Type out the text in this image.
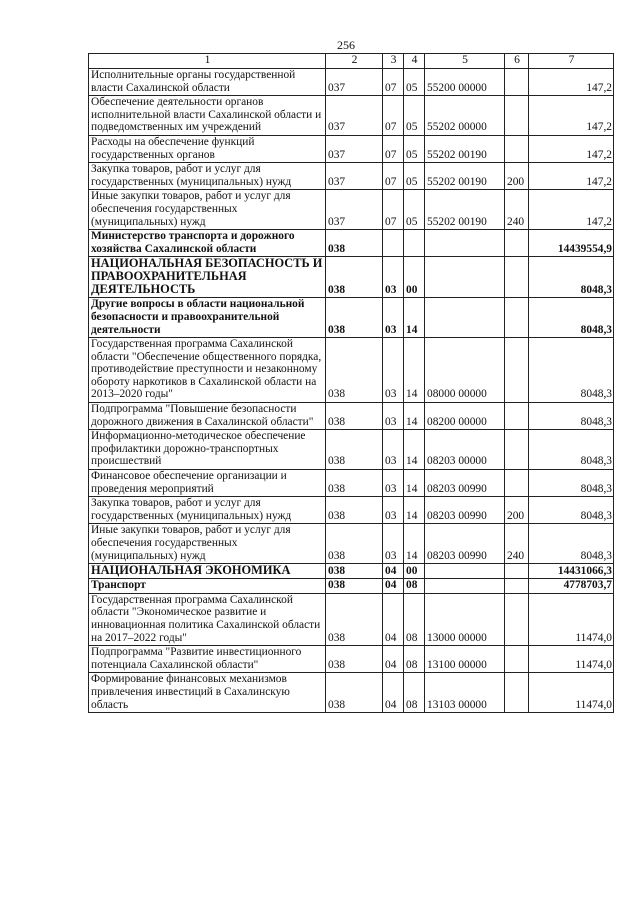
256
1	2	3	4	5	6	7
Исполнительные органы государственной власти Сахалинской области	037	07	05	55200 00000		147,2
Обеспечение деятельности органов исполнительной власти Сахалинской области и подведомственных им учреждений	037	07	05	55202 00000		147,2
Расходы на обеспечение функций государственных органов	037	07	05	55202 00190		147,2
Закупка товаров, работ и услуг для государственных (муниципальных) нужд	037	07	05	55202 00190	200	147,2
Иные закупки товаров, работ и услуг для обеспечения государственных (муниципальных) нужд	037	07	05	55202 00190	240	147,2
Министерство транспорта и дорожного хозяйства Сахалинской области	038					14439554,9
НАЦИОНАЛЬНАЯ БЕЗОПАСНОСТЬ И ПРАВООХРАНИТЕЛЬНАЯ ДЕЯТЕЛЬНОСТЬ	038	03	00			8048,3
Другие вопросы в области национальной безопасности и правоохранительной деятельности	038	03	14			8048,3
Государственная программа Сахалинской области "Обеспечение общественного порядка, противодействие преступности и незаконному обороту наркотиков в Сахалинской области на 2013–2020 годы"	038	03	14	08000 00000		8048,3
Подпрограмма "Повышение безопасности дорожного движения в Сахалинской области"	038	03	14	08200 00000		8048,3
Информационно-методическое обеспечение профилактики дорожно-транспортных происшествий	038	03	14	08203 00000		8048,3
Финансовое обеспечение организации и проведения мероприятий	038	03	14	08203 00990		8048,3
Закупка товаров, работ и услуг для государственных (муниципальных) нужд	038	03	14	08203 00990	200	8048,3
Иные закупки товаров, работ и услуг для обеспечения государственных (муниципальных) нужд	038	03	14	08203 00990	240	8048,3
НАЦИОНАЛЬНАЯ ЭКОНОМИКА	038	04	00			14431066,3
Транспорт	038	04	08			4778703,7
Государственная программа Сахалинской области "Экономическое развитие и инновационная политика Сахалинской области на 2017–2022 годы"	038	04	08	13000 00000		11474,0
Подпрограмма "Развитие инвестиционного потенциала Сахалинской области"	038	04	08	13100 00000		11474,0
Формирование финансовых механизмов привлечения инвестиций в Сахалинскую область	038	04	08	13103 00000		11474,0
